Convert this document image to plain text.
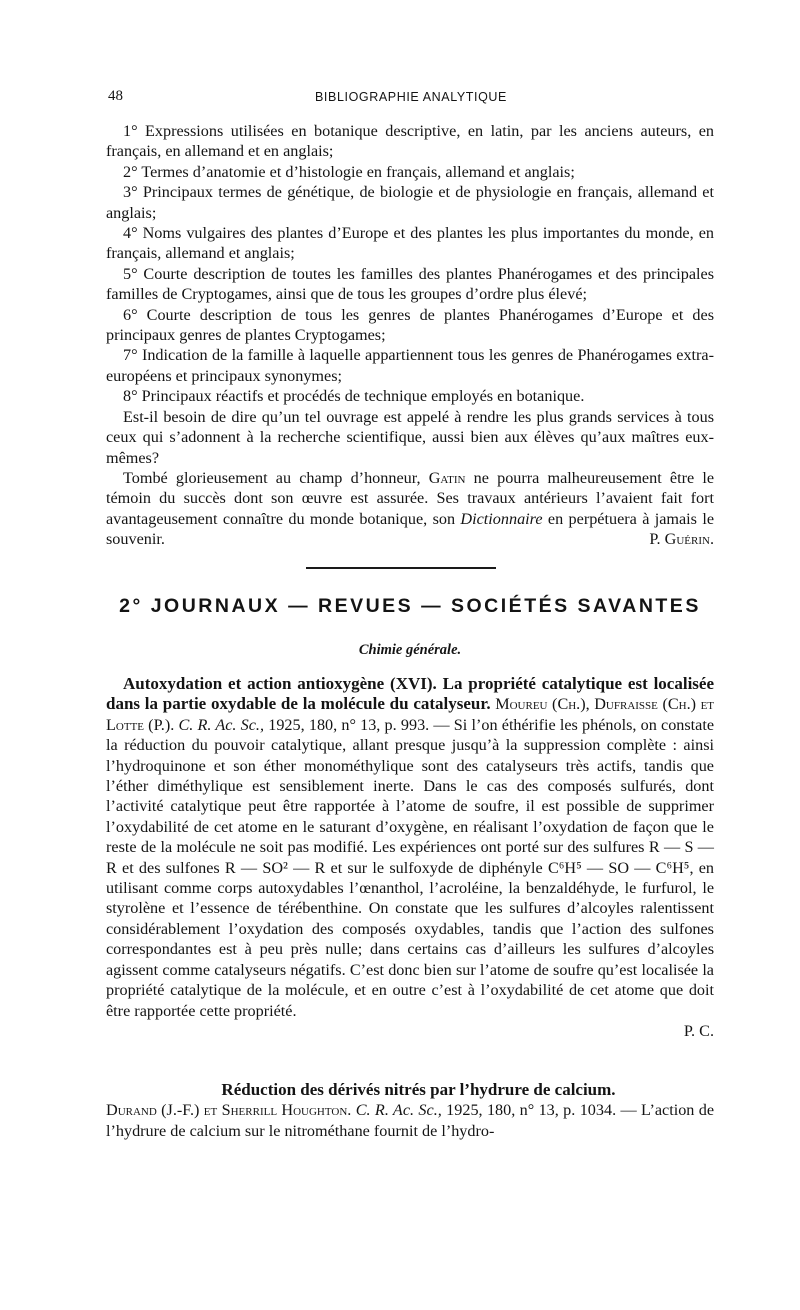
48	BIBLIOGRAPHIE ANALYTIQUE

1° Expressions utilisées en botanique descriptive, en latin, par les anciens auteurs, en français, en allemand et en anglais;

2° Termes d’anatomie et d’histologie en français, allemand et anglais;

3° Principaux termes de génétique, de biologie et de physiologie en français, allemand et anglais;

4° Noms vulgaires des plantes d’Europe et des plantes les plus importantes du monde, en français, allemand et anglais;

5° Courte description de toutes les familles des plantes Phanérogames et des principales familles de Cryptogames, ainsi que de tous les groupes d’ordre plus élevé;

6° Courte description de tous les genres de plantes Phanérogames d’Europe et des principaux genres de plantes Cryptogames;

7° Indication de la famille à laquelle appartiennent tous les genres de Phanérogames extra-européens et principaux synonymes;

8° Principaux réactifs et procédés de technique employés en botanique.

Est-il besoin de dire qu’un tel ouvrage est appelé à rendre les plus grands services à tous ceux qui s’adonnent à la recherche scientifique, aussi bien aux élèves qu’aux maîtres eux-mêmes?

Tombé glorieusement au champ d’honneur, Gatin ne pourra malheureusement être le témoin du succès dont son œuvre est assurée. Ses travaux antérieurs l’avaient fait fort avantageusement connaître du monde botanique, son Dictionnaire en perpétuera à jamais le souvenir.	P. Guérin.

2° JOURNAUX — REVUES — SOCIÉTÉS SAVANTES
Chimie générale.

Autoxydation et action antioxygène (XVI). La propriété catalytique est localisée dans la partie oxydable de la molécule du catalyseur. Moureu (Ch.), Dufraisse (Ch.) et Lotte (P.). C. R. Ac. Sc., 1925, 180, n° 13, p. 993. — Si l’on éthérifie les phénols, on constate la réduction du pouvoir catalytique, allant presque jusqu’à la suppression complète : ainsi l’hydroquinone et son éther monométhylique sont des catalyseurs très actifs, tandis que l’éther diméthylique est sensiblement inerte. Dans le cas des composés sulfurés, dont l’activité catalytique peut être rapportée à l’atome de soufre, il est possible de supprimer l’oxydabilité de cet atome en le saturant d’oxygène, en réalisant l’oxydation de façon que le reste de la molécule ne soit pas modifié. Les expériences ont porté sur des sulfures R — S — R et des sulfones R — SO² — R et sur le sulfoxyde de diphényle C⁶H⁵ — SO — C⁶H⁵, en utilisant comme corps autoxydables l’œnanthol, l’acroléine, la benzaldéhyde, le furfurol, le styrolène et l’essence de térébenthine. On constate que les sulfures d’alcoyles ralentissent considérablement l’oxydation des composés oxydables, tandis que l’action des sulfones correspondantes est à peu près nulle; dans certains cas d’ailleurs les sulfures d’alcoyles agissent comme catalyseurs négatifs. C’est donc bien sur l’atome de soufre qu’est localisée la propriété catalytique de la molécule, et en outre c’est à l’oxydabilité de cet atome que doit être rapportée cette propriété.

P. C.

Réduction des dérivés nitrés par l’hydrure de calcium.

Durand (J.-F.) et Sherrill Houghton. C. R. Ac. Sc., 1925, 180, n° 13, p. 1034. — L’action de l’hydrure de calcium sur le nitrométhane fournit de l’hydro-
